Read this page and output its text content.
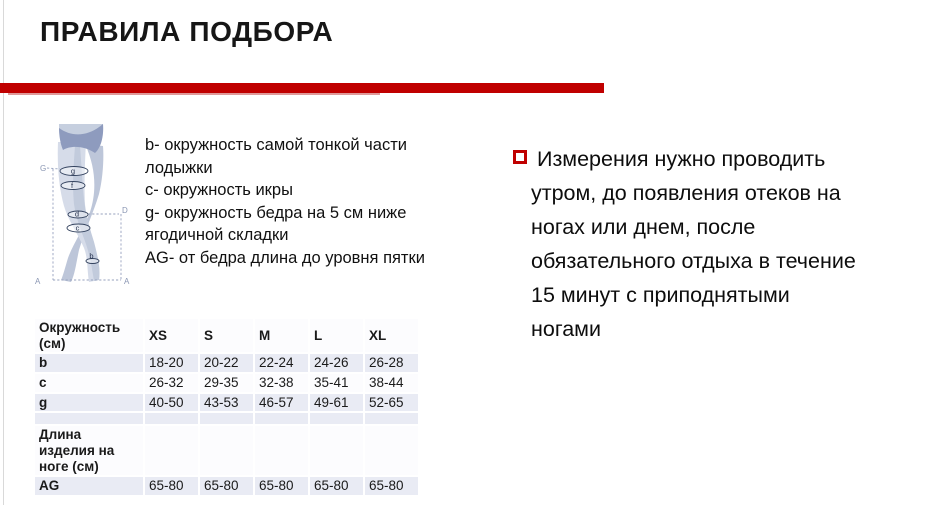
ПРАВИЛА ПОДБОРА
g
f
d
c
b
G
D
A	A
b- окружность самой тонкой части лодыжки
c- окружность икры
g- окружность бедра на 5 см ниже ягодичной складки
AG- от бедра длина до уровня пятки
Измерения нужно проводить утром, до появления отеков на ногах или днем, после обязательного отдыха в течение 15 минут с приподнятыми ногами
Окружность (см)	XS	S	M	L	XL
b	18-20	20-22	22-24	24-26	26-28
c	26-32	29-35	32-38	35-41	38-44
g	40-50	43-53	46-57	49-61	52-65

Длина изделия на ноге (см)					
AG	65-80	65-80	65-80	65-80	65-80
